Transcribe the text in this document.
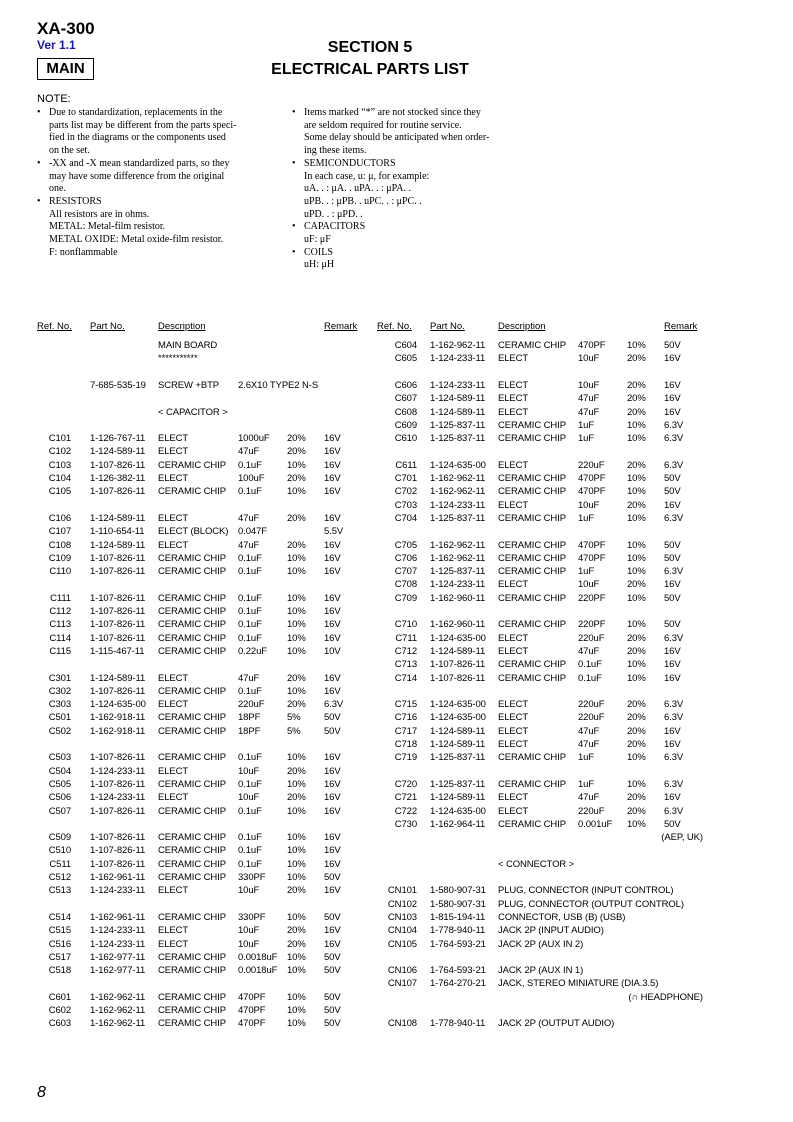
XA-300
Ver 1.1
MAIN
SECTION 5
ELECTRICAL PARTS LIST
NOTE:
• Due to standardization, replacements in the
parts list may be different from the parts speci-
fied in the diagrams or the components used
on the set.
• -XX and -X mean standardized parts, so they
may have some difference from the original
one.
• RESISTORS
All resistors are in ohms.
METAL: Metal-film resistor.
METAL OXIDE: Metal oxide-film resistor.
F: nonflammable
• Items marked “*” are not stocked since they
are seldom required for routine service.
Some delay should be anticipated when order-
ing these items.
• SEMICONDUCTORS
In each case, u: μ, for example:
uA. . : μA. . uPA. . : μPA. .
uPB. . : μPB. . uPC. . : μPC. .
uPD. . : μPD. .
• CAPACITORS
uF: μF
• COILS
uH: μH
Ref. No. Part No.	Description	Remark Ref. No. Part No.	Description	Remark
MAIN BOARD
***********
7-685-535-19 SCREW +BTP 2.6X10 TYPE2 N-S
< CAPACITOR >
C101 1-126-767-11 ELECT	1000uF 20% 16V
C102 1-124-589-11 ELECT	47uF	20% 16V
C103 1-107-826-11 CERAMIC CHIP 0.1uF	10% 16V
C104 1-126-382-11 ELECT	100uF 20% 16V
C105 1-107-826-11 CERAMIC CHIP 0.1uF	10% 16V
C106 1-124-589-11 ELECT	47uF	20% 16V
C107 1-110-654-11 ELECT (BLOCK) 0.047F	5.5V
C108 1-124-589-11 ELECT	47uF	20% 16V
C109 1-107-826-11 CERAMIC CHIP 0.1uF	10% 16V
C110 1-107-826-11 CERAMIC CHIP 0.1uF	10% 16V
C111 1-107-826-11 CERAMIC CHIP 0.1uF	10% 16V
C112 1-107-826-11 CERAMIC CHIP 0.1uF	10% 16V
C113 1-107-826-11 CERAMIC CHIP 0.1uF	10% 16V
C114 1-107-826-11 CERAMIC CHIP 0.1uF	10% 16V
C115 1-115-467-11 CERAMIC CHIP 0.22uF 10% 10V
C301 1-124-589-11 ELECT	47uF	20% 16V
C302 1-107-826-11 CERAMIC CHIP 0.1uF	10% 16V
C303 1-124-635-00 ELECT	220uF 20% 6.3V
C501 1-162-918-11 CERAMIC CHIP 18PF	5% 50V
C502 1-162-918-11 CERAMIC CHIP 18PF	5% 50V
C503 1-107-826-11 CERAMIC CHIP 0.1uF	10% 16V
C504 1-124-233-11 ELECT	10uF	20% 16V
C505 1-107-826-11 CERAMIC CHIP 0.1uF	10% 16V
C506 1-124-233-11 ELECT	10uF	20% 16V
C507 1-107-826-11 CERAMIC CHIP 0.1uF	10% 16V
C509 1-107-826-11 CERAMIC CHIP 0.1uF	10% 16V
C510 1-107-826-11 CERAMIC CHIP 0.1uF	10% 16V
C511 1-107-826-11 CERAMIC CHIP 0.1uF	10% 16V
C512 1-162-961-11 CERAMIC CHIP 330PF 10% 50V
C513 1-124-233-11 ELECT	10uF	20% 16V
C514 1-162-961-11 CERAMIC CHIP 330PF 10% 50V
C515 1-124-233-11 ELECT	10uF	20% 16V
C516 1-124-233-11 ELECT	10uF	20% 16V
C517 1-162-977-11 CERAMIC CHIP 0.0018uF 10% 50V
C518 1-162-977-11 CERAMIC CHIP 0.0018uF 10% 50V
C601 1-162-962-11 CERAMIC CHIP 470PF 10% 50V
C602 1-162-962-11 CERAMIC CHIP 470PF 10% 50V
C603 1-162-962-11 CERAMIC CHIP 470PF 10% 50V
C604 1-162-962-11 CERAMIC CHIP 470PF 10% 50V
C605 1-124-233-11 ELECT	10uF	20% 16V
C606 1-124-233-11 ELECT	10uF	20% 16V
C607 1-124-589-11 ELECT	47uF	20% 16V
C608 1-124-589-11 ELECT	47uF	20% 16V
C609 1-125-837-11 CERAMIC CHIP 1uF	10% 6.3V
C610 1-125-837-11 CERAMIC CHIP 1uF	10% 6.3V
C611 1-124-635-00 ELECT	220uF 20% 6.3V
C701 1-162-962-11 CERAMIC CHIP 470PF 10% 50V
C702 1-162-962-11 CERAMIC CHIP 470PF 10% 50V
C703 1-124-233-11 ELECT	10uF	20% 16V
C704 1-125-837-11 CERAMIC CHIP 1uF	10% 6.3V
C705 1-162-962-11 CERAMIC CHIP 470PF 10% 50V
C706 1-162-962-11 CERAMIC CHIP 470PF 10% 50V
C707 1-125-837-11 CERAMIC CHIP 1uF	10% 6.3V
C708 1-124-233-11 ELECT	10uF	20% 16V
C709 1-162-960-11 CERAMIC CHIP 220PF 10% 50V
C710 1-162-960-11 CERAMIC CHIP 220PF 10% 50V
C711 1-124-635-00 ELECT	220uF 20% 6.3V
C712 1-124-589-11 ELECT	47uF	20% 16V
C713 1-107-826-11 CERAMIC CHIP 0.1uF	10% 16V
C714 1-107-826-11 CERAMIC CHIP 0.1uF	10% 16V
C715 1-124-635-00 ELECT	220uF 20% 6.3V
C716 1-124-635-00 ELECT	220uF 20% 6.3V
C717 1-124-589-11 ELECT	47uF	20% 16V
C718 1-124-589-11 ELECT	47uF	20% 16V
C719 1-125-837-11 CERAMIC CHIP 1uF	10% 6.3V
C720 1-125-837-11 CERAMIC CHIP 1uF	10% 6.3V
C721 1-124-589-11 ELECT	47uF	20% 16V
C722 1-124-635-00 ELECT	220uF 20% 6.3V
C730 1-162-964-11 CERAMIC CHIP 0.001uF 10% 50V
(AEP, UK)
< CONNECTOR >
CN101 1-580-907-31 PLUG, CONNECTOR (INPUT CONTROL)
CN102 1-580-907-31 PLUG, CONNECTOR (OUTPUT CONTROL)
CN103 1-815-194-11 CONNECTOR, USB (B) (USB)
CN104 1-778-940-11 JACK 2P (INPUT AUDIO)
CN105 1-764-593-21 JACK 2P (AUX IN 2)
CN106 1-764-593-21 JACK 2P (AUX IN 1)
CN107 1-764-270-21 JACK, STEREO MINIATURE (DIA.3.5)
(∩ HEADPHONE)
CN108 1-778-940-11 JACK 2P (OUTPUT AUDIO)
8
